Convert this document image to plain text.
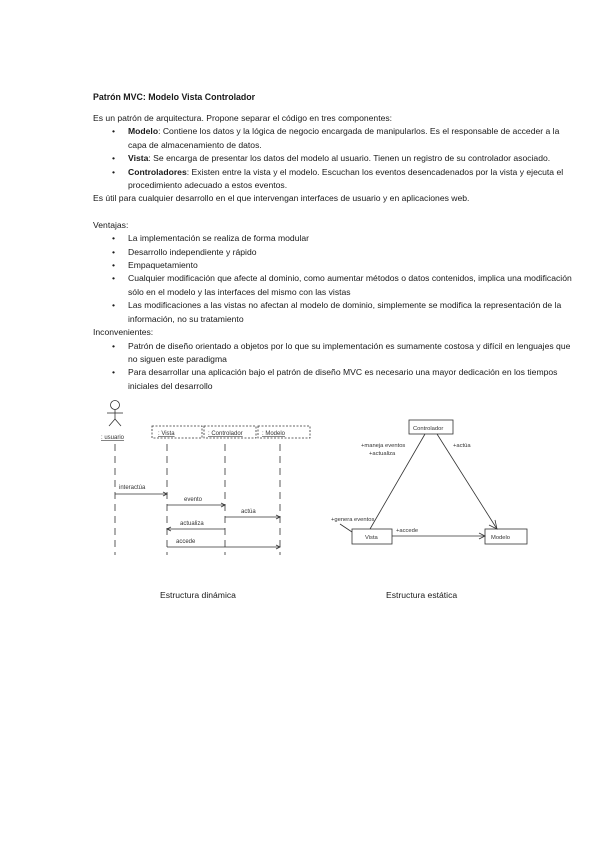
Patrón MVC: Modelo Vista Controlador

Es un patrón de arquitectura. Propone separar el código en tres componentes:

• Modelo: Contiene los datos y la lógica de negocio encargada de manipularlos. Es el responsable de acceder a la capa de almacenamiento de datos.
• Vista: Se encarga de presentar los datos del modelo al usuario. Tienen un registro de su controlador asociado.
• Controladores: Existen entre la vista y el modelo. Escuchan los eventos desencadenados por la vista y ejecuta el procedimiento adecuado a estos eventos.

Es útil para cualquier desarrollo en el que intervengan interfaces de usuario y en aplicaciones web.

Ventajas:

• La implementación se realiza de forma modular
• Desarrollo independiente y rápido
• Empaquetamiento
• Cualquier modificación que afecte al dominio, como aumentar métodos o datos contenidos, implica una modificación sólo en el modelo y las interfaces del mismo con las vistas
• Las modificaciones a las vistas no afectan al modelo de dominio, simplemente se modifica la representación de la información, no su tratamiento

Inconvenientes:

• Patrón de diseño orientado a objetos por lo que su implementación es sumamente costosa y difícil en lenguajes que no siguen este paradigma
• Para desarrollar una aplicación bajo el patrón de diseño MVC es necesario una mayor dedicación en los tiempos iniciales del desarrollo
: usuario
: Vista	: Controlador	: Modelo
interactúa
evento
actúa
actualiza
accede
Controlador
Vista	Modelo
+maneja eventos
+actualiza
+actúa
+genera eventos
+accede
Estructura dinámica	Estructura estática
